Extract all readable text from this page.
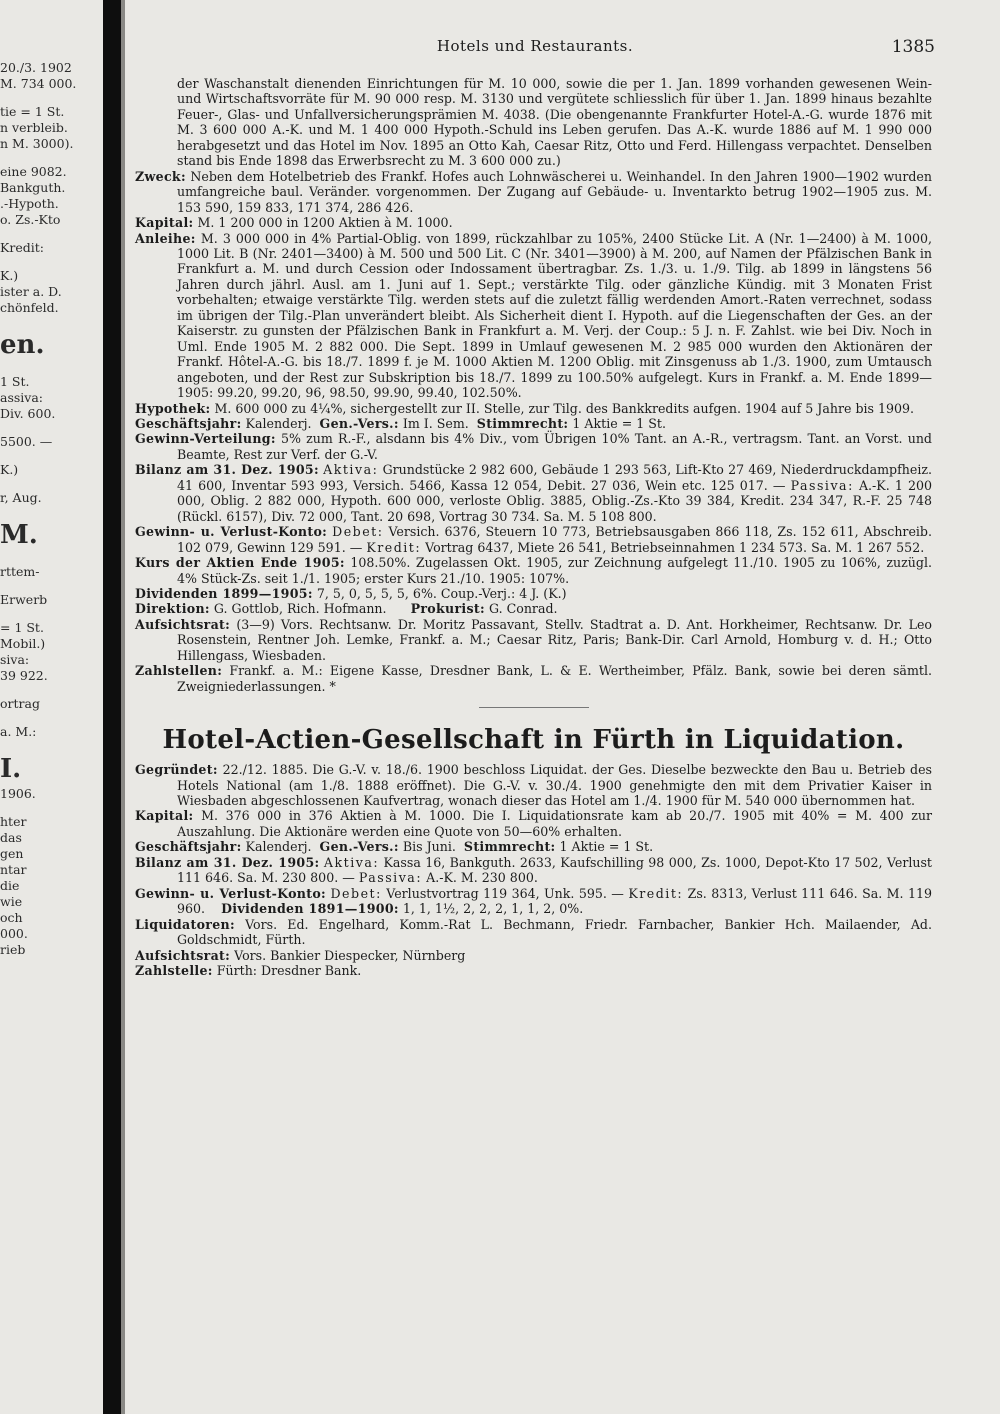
20./3. 1902
M. 734 000.
tie = 1 St.
n verbleib.
n M. 3000).
eine 9082.
Bankguth.
.-Hypoth.
o. Zs.-Kto
Kredit:
K.)
ister a. D.
chönfeld.
en.
1 St.
assiva:
Div. 600.
5500. —
K.)
r, Aug.
M.
rttem-
Erwerb
= 1 St.
Mobil.)
siva:
39 922.
ortrag
a. M.:
I.
1906.
hter
das
gen
ntar
die
wie
och
000.
rieb
Hotels und Restaurants.	1385

der Waschanstalt dienenden Einrichtungen für M. 10 000, sowie die per 1. Jan. 1899 vorhanden gewesenen Wein- und Wirtschaftsvorräte für M. 90 000 resp. M. 3130 und vergütete schliesslich für über 1. Jan. 1899 hinaus bezahlte Feuer-, Glas- und Unfallversicherungsprämien M. 4038. (Die obengenannte Frankfurter Hotel-A.-G. wurde 1876 mit M. 3 600 000 A.-K. und M. 1 400 000 Hypoth.-Schuld ins Leben gerufen. Das A.-K. wurde 1886 auf M. 1 990 000 herabgesetzt und das Hotel im Nov. 1895 an Otto Kah, Caesar Ritz, Otto und Ferd. Hillengass verpachtet. Denselben stand bis Ende 1898 das Erwerbsrecht zu M. 3 600 000 zu.)

Zweck: Neben dem Hotelbetrieb des Frankf. Hofes auch Lohnwäscherei u. Weinhandel. In den Jahren 1900—1902 wurden umfangreiche baul. Veränder. vorgenommen. Der Zugang auf Gebäude- u. Inventarkto betrug 1902—1905 zus. M. 153 590, 159 833, 171 374, 286 426.

Kapital: M. 1 200 000 in 1200 Aktien à M. 1000.

Anleihe: M. 3 000 000 in 4% Partial-Oblig. von 1899, rückzahlbar zu 105%, 2400 Stücke Lit. A (Nr. 1—2400) à M. 1000, 1000 Lit. B (Nr. 2401—3400) à M. 500 und 500 Lit. C (Nr. 3401—3900) à M. 200, auf Namen der Pfälzischen Bank in Frankfurt a. M. und durch Cession oder Indossament übertragbar. Zs. 1./3. u. 1./9. Tilg. ab 1899 in längstens 56 Jahren durch jährl. Ausl. am 1. Juni auf 1. Sept.; verstärkte Tilg. oder gänzliche Kündig. mit 3 Monaten Frist vorbehalten; etwaige verstärkte Tilg. werden stets auf die zuletzt fällig werdenden Amort.-Raten verrechnet, sodass im übrigen der Tilg.-Plan unverändert bleibt. Als Sicherheit dient I. Hypoth. auf die Liegenschaften der Ges. an der Kaiserstr. zu gunsten der Pfälzischen Bank in Frankfurt a. M. Verj. der Coup.: 5 J. n. F. Zahlst. wie bei Div. Noch in Uml. Ende 1905 M. 2 882 000. Die Sept. 1899 in Umlauf gewesenen M. 2 985 000 wurden den Aktionären der Frankf. Hôtel-A.-G. bis 18./7. 1899 f. je M. 1000 Aktien M. 1200 Oblig. mit Zinsgenuss ab 1./3. 1900, zum Umtausch angeboten, und der Rest zur Subskription bis 18./7. 1899 zu 100.50% aufgelegt. Kurs in Frankf. a. M. Ende 1899—1905: 99.20, 99.20, 96, 98.50, 99.90, 99.40, 102.50%.

Hypothek: M. 600 000 zu 4¼%, sichergestellt zur II. Stelle, zur Tilg. des Bankkredits aufgen. 1904 auf 5 Jahre bis 1909.

Geschäftsjahr: Kalenderj. Gen.-Vers.: Im I. Sem. Stimmrecht: 1 Aktie = 1 St.

Gewinn-Verteilung: 5% zum R.-F., alsdann bis 4% Div., vom Übrigen 10% Tant. an A.-R., vertragsm. Tant. an Vorst. und Beamte, Rest zur Verf. der G.-V.

Bilanz am 31. Dez. 1905: Aktiva: Grundstücke 2 982 600, Gebäude 1 293 563, Lift-Kto 27 469, Niederdruckdampfheiz. 41 600, Inventar 593 993, Versich. 5466, Kassa 12 054, Debit. 27 036, Wein etc. 125 017. — Passiva: A.-K. 1 200 000, Oblig. 2 882 000, Hypoth. 600 000, verloste Oblig. 3885, Oblig.-Zs.-Kto 39 384, Kredit. 234 347, R.-F. 25 748 (Rückl. 6157), Div. 72 000, Tant. 20 698, Vortrag 30 734. Sa. M. 5 108 800.

Gewinn- u. Verlust-Konto: Debet: Versich. 6376, Steuern 10 773, Betriebsausgaben 866 118, Zs. 152 611, Abschreib. 102 079, Gewinn 129 591. — Kredit: Vortrag 6437, Miete 26 541, Betriebseinnahmen 1 234 573. Sa. M. 1 267 552.

Kurs der Aktien Ende 1905: 108.50%. Zugelassen Okt. 1905, zur Zeichnung aufgelegt 11./10. 1905 zu 106%, zuzügl. 4% Stück-Zs. seit 1./1. 1905; erster Kurs 21./10. 1905: 107%.

Dividenden 1899—1905: 7, 5, 0, 5, 5, 5, 6%. Coup.-Verj.: 4 J. (K.)

Direktion: G. Gottlob, Rich. Hofmann. Prokurist: G. Conrad.

Aufsichtsrat: (3—9) Vors. Rechtsanw. Dr. Moritz Passavant, Stellv. Stadtrat a. D. Ant. Horkheimer, Rechtsanw. Dr. Leo Rosenstein, Rentner Joh. Lemke, Frankf. a. M.; Caesar Ritz, Paris; Bank-Dir. Carl Arnold, Homburg v. d. H.; Otto Hillengass, Wiesbaden.

Zahlstellen: Frankf. a. M.: Eigene Kasse, Dresdner Bank, L. & E. Wertheimber, Pfälz. Bank, sowie bei deren sämtl. Zweigniederlassungen. *

Hotel-Actien-Gesellschaft in Fürth in Liquidation.

Gegründet: 22./12. 1885. Die G.-V. v. 18./6. 1900 beschloss Liquidat. der Ges. Dieselbe bezweckte den Bau u. Betrieb des Hotels National (am 1./8. 1888 eröffnet). Die G.-V. v. 30./4. 1900 genehmigte den mit dem Privatier Kaiser in Wiesbaden abgeschlossenen Kaufvertrag, wonach dieser das Hotel am 1./4. 1900 für M. 540 000 übernommen hat.

Kapital: M. 376 000 in 376 Aktien à M. 1000. Die I. Liquidationsrate kam ab 20./7. 1905 mit 40% = M. 400 zur Auszahlung. Die Aktionäre werden eine Quote von 50—60% erhalten.

Geschäftsjahr: Kalenderj. Gen.-Vers.: Bis Juni. Stimmrecht: 1 Aktie = 1 St.

Bilanz am 31. Dez. 1905: Aktiva: Kassa 16, Bankguth. 2633, Kaufschilling 98 000, Zs. 1000, Depot-Kto 17 502, Verlust 111 646. Sa. M. 230 800. — Passiva: A.-K. M. 230 800.

Gewinn- u. Verlust-Konto: Debet: Verlustvortrag 119 364, Unk. 595. — Kredit: Zs. 8313, Verlust 111 646. Sa. M. 119 960. Dividenden 1891—1900: 1, 1, 1½, 2, 2, 2, 1, 1, 2, 0%.

Liquidatoren: Vors. Ed. Engelhard, Komm.-Rat L. Bechmann, Friedr. Farnbacher, Bankier Hch. Mailaender, Ad. Goldschmidt, Fürth.

Aufsichtsrat: Vors. Bankier Diespecker, Nürnberg

Zahlstelle: Fürth: Dresdner Bank.
